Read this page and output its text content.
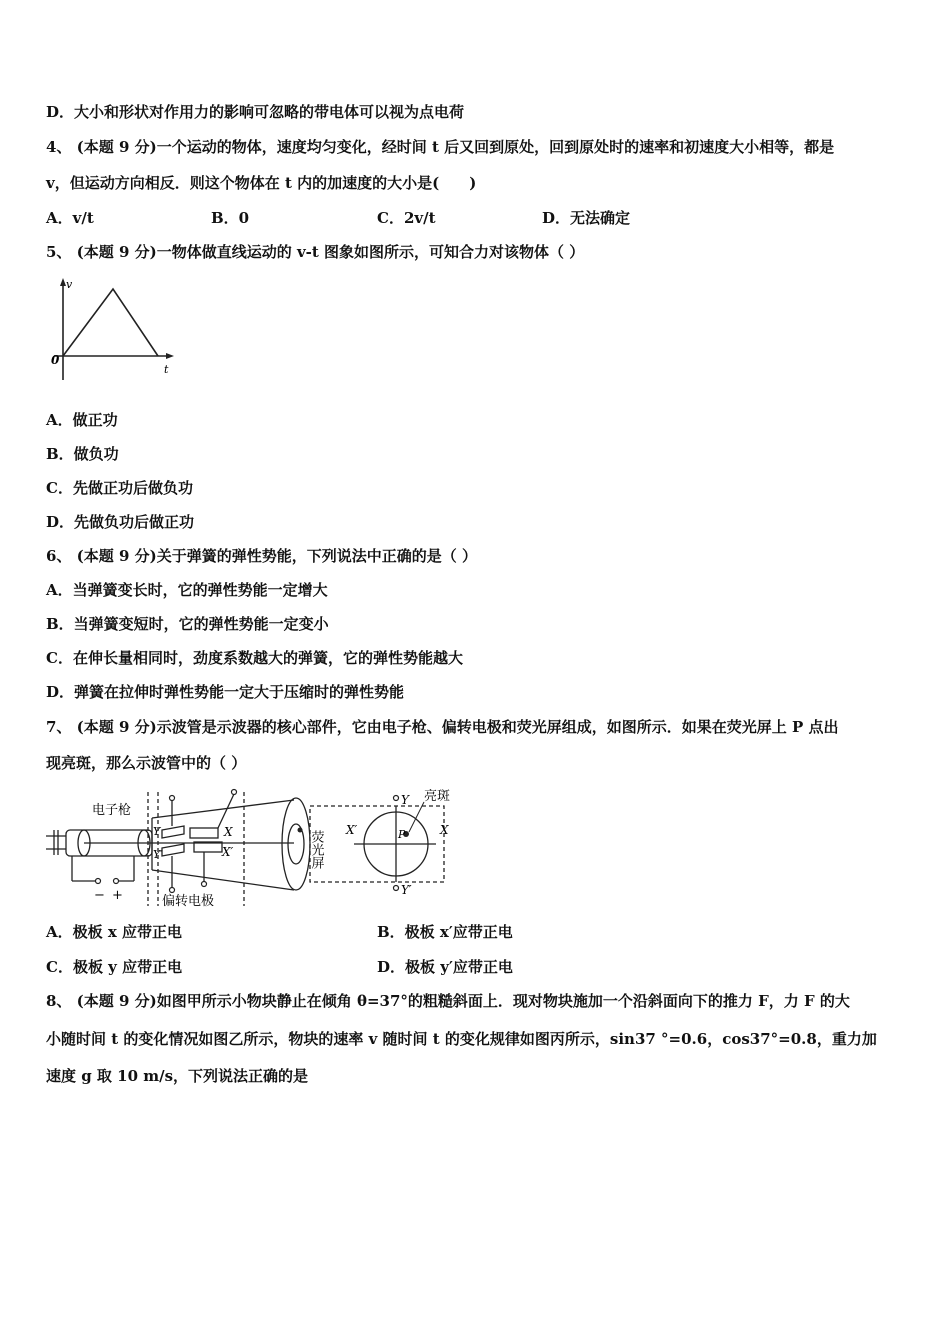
D．大小和形状对作用力的影响可忽略的带电体可以视为点电荷
4、 (本题 9 分)一个运动的物体，速度均匀变化，经时间 t 后又回到原处，回到原处时的速率和初速度大小相等，都是
v，但运动方向相反．则这个物体在 t 内的加速度的大小是(　　)
A．v/t	B．0	C．2v/t	D．无法确定
5、 (本题 9 分)一物体做直线运动的 v-t 图象如图所示，可知合力对该物体（ ）
v
t
0
A．做正功
B．做负功
C．先做正功后做负功
D．先做负功后做正功
6、 (本题 9 分)关于弹簧的弹性势能，下列说法中正确的是（ ）
A．当弹簧变长时，它的弹性势能一定增大
B．当弹簧变短时，它的弹性势能一定变小
C．在伸长量相同时，劲度系数越大的弹簧，它的弹性势能越大
D．弹簧在拉伸时弹性势能一定大于压缩时的弹性势能
7、 (本题 9 分)示波管是示波器的核心部件，它由电子枪、偏转电极和荧光屏组成，如图所示．如果在荧光屏上 P 点出
现亮斑，那么示波管中的（ ）
电子枪
偏转电极
荧光屏
亮斑
Y
Y′
X
X′
Y
Y′
X
X′	P
− +
A．极板 x 应带正电	B．极板 x′应带正电
C．极板 y 应带正电	D．极板 y′应带正电
8、 (本题 9 分)如图甲所示小物块静止在倾角 θ=37°的粗糙斜面上．现对物块施加一个沿斜面向下的推力 F，力 F 的大
小随时间 t 的变化情况如图乙所示，物块的速率 v 随时间 t 的变化规律如图丙所示，sin37 °=0.6，cos37°=0.8，重力加
速度 g 取 10 m/s，下列说法正确的是
